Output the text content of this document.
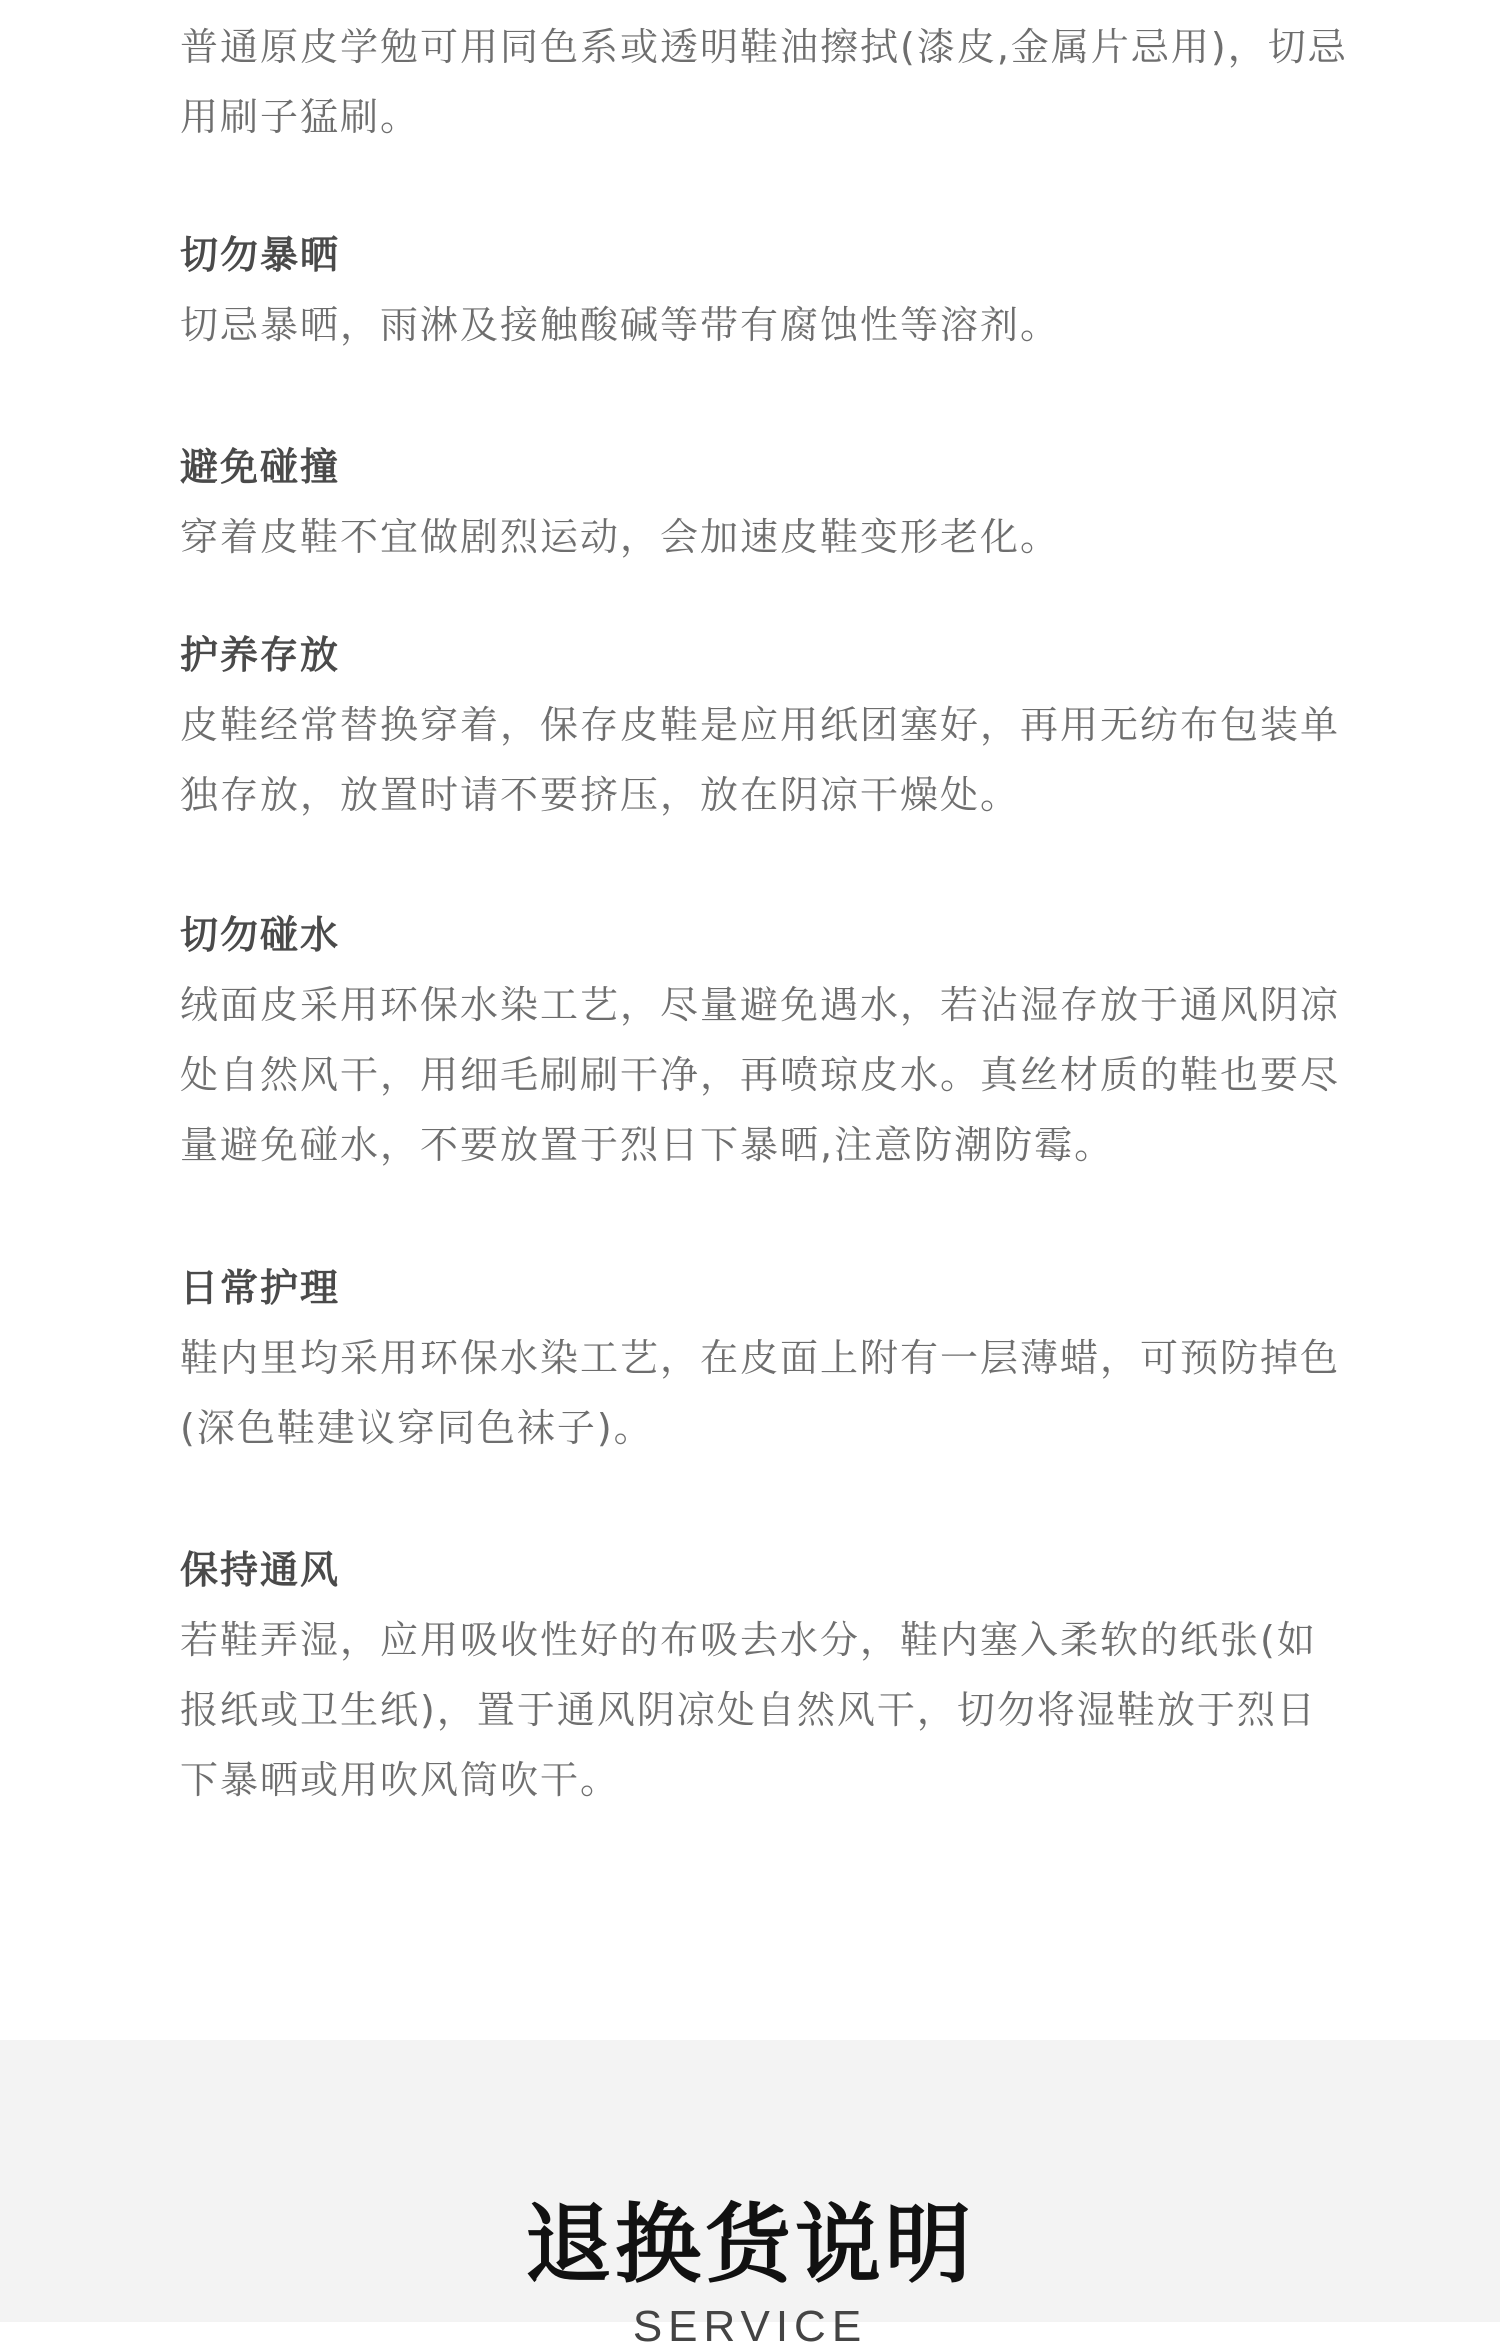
普通原皮学勉可用同色系或透明鞋油擦拭(漆皮,金属片忌用)，切忌用刷子猛刷。

切勿暴晒

切忌暴晒，雨淋及接触酸碱等带有腐蚀性等溶剂。

避免碰撞

穿着皮鞋不宜做剧烈运动，会加速皮鞋变形老化。

护养存放

皮鞋经常替换穿着，保存皮鞋是应用纸团塞好，再用无纺布包装单独存放，放置时请不要挤压，放在阴凉干燥处。

切勿碰水

绒面皮采用环保水染工艺，尽量避免遇水，若沾湿存放于通风阴凉处自然风干，用细毛刷刷干净，再喷琼皮水。真丝材质的鞋也要尽量避免碰水，不要放置于烈日下暴晒,注意防潮防霉。

日常护理

鞋内里均采用环保水染工艺，在皮面上附有一层薄蜡，可预防掉色(深色鞋建议穿同色袜子)。

保持通风

若鞋弄湿，应用吸收性好的布吸去水分，鞋内塞入柔软的纸张(如报纸或卫生纸)，置于通风阴凉处自然风干，切勿将湿鞋放于烈日下暴晒或用吹风筒吹干。

退换货说明
SERVICE
